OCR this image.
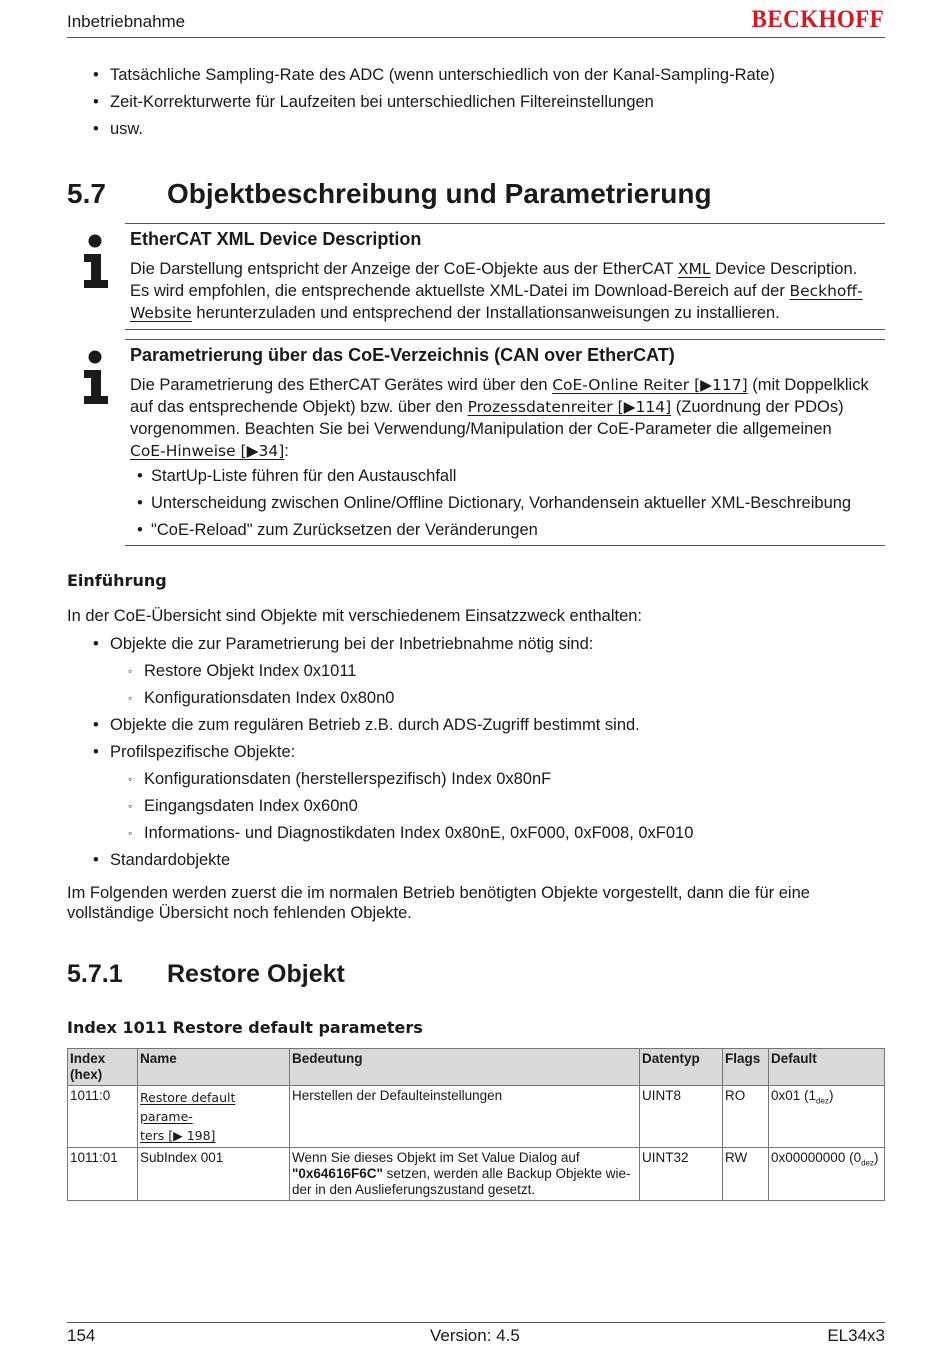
Inbetriebnahme	BECKHOFF
• Tatsächliche Sampling-Rate des ADC (wenn unterschiedlich von der Kanal-Sampling-Rate)
• Zeit-Korrekturwerte für Laufzeiten bei unterschiedlichen Filtereinstellungen
• usw.
5.7 Objektbeschreibung und Parametrierung
EtherCAT XML Device Description
Die Darstellung entspricht der Anzeige der CoE-Objekte aus der EtherCAT XML Device Description.
Es wird empfohlen, die entsprechende aktuellste XML-Datei im Download-Bereich auf der Beckhoff-
Website herunterzuladen und entsprechend der Installationsanweisungen zu installieren.
Parametrierung über das CoE-Verzeichnis (CAN over EtherCAT)
Die Parametrierung des EtherCAT Gerätes wird über den CoE-Online Reiter [▶117] (mit Doppelklick
auf das entsprechende Objekt) bzw. über den Prozessdatenreiter [▶114] (Zuordnung der PDOs)
vorgenommen. Beachten Sie bei Verwendung/Manipulation der CoE-Parameter die allgemeinen
CoE-Hinweise [▶34]:
• StartUp-Liste führen für den Austauschfall
• Unterscheidung zwischen Online/Offline Dictionary, Vorhandensein aktueller XML-Beschreibung
• "CoE-Reload" zum Zurücksetzen der Veränderungen
Einführung
In der CoE-Übersicht sind Objekte mit verschiedenem Einsatzzweck enthalten:
• Objekte die zur Parametrierung bei der Inbetriebnahme nötig sind:
◦ Restore Objekt Index 0x1011
◦ Konfigurationsdaten Index 0x80n0
• Objekte die zum regulären Betrieb z.B. durch ADS-Zugriff bestimmt sind.
• Profilspezifische Objekte:
◦ Konfigurationsdaten (herstellerspezifisch) Index 0x80nF
◦ Eingangsdaten Index 0x60n0
◦ Informations- und Diagnostikdaten Index 0x80nE, 0xF000, 0xF008, 0xF010
• Standardobjekte
Im Folgenden werden zuerst die im normalen Betrieb benötigten Objekte vorgestellt, dann die für eine
vollständige Übersicht noch fehlenden Objekte.
5.7.1 Restore Objekt
Index 1011 Restore default parameters
Index
(hex)	Name	Bedeutung	Datentyp	Flags	Default
1011:0	Restore default parame-
ters [▶ 198]	Herstellen der Defaulteinstellungen	UINT8	RO	0x01 $(1_{dez})$
1011:01	SubIndex 001	Wenn Sie dieses Objekt im Set Value Dialog auf
"0x64616F6C" setzen, werden alle Backup Objekte wie-
der in den Auslieferungszustand gesetzt.	UINT32	RW	0x00000000 $(0_{dez})$
154	Version: 4.5	EL34x3
